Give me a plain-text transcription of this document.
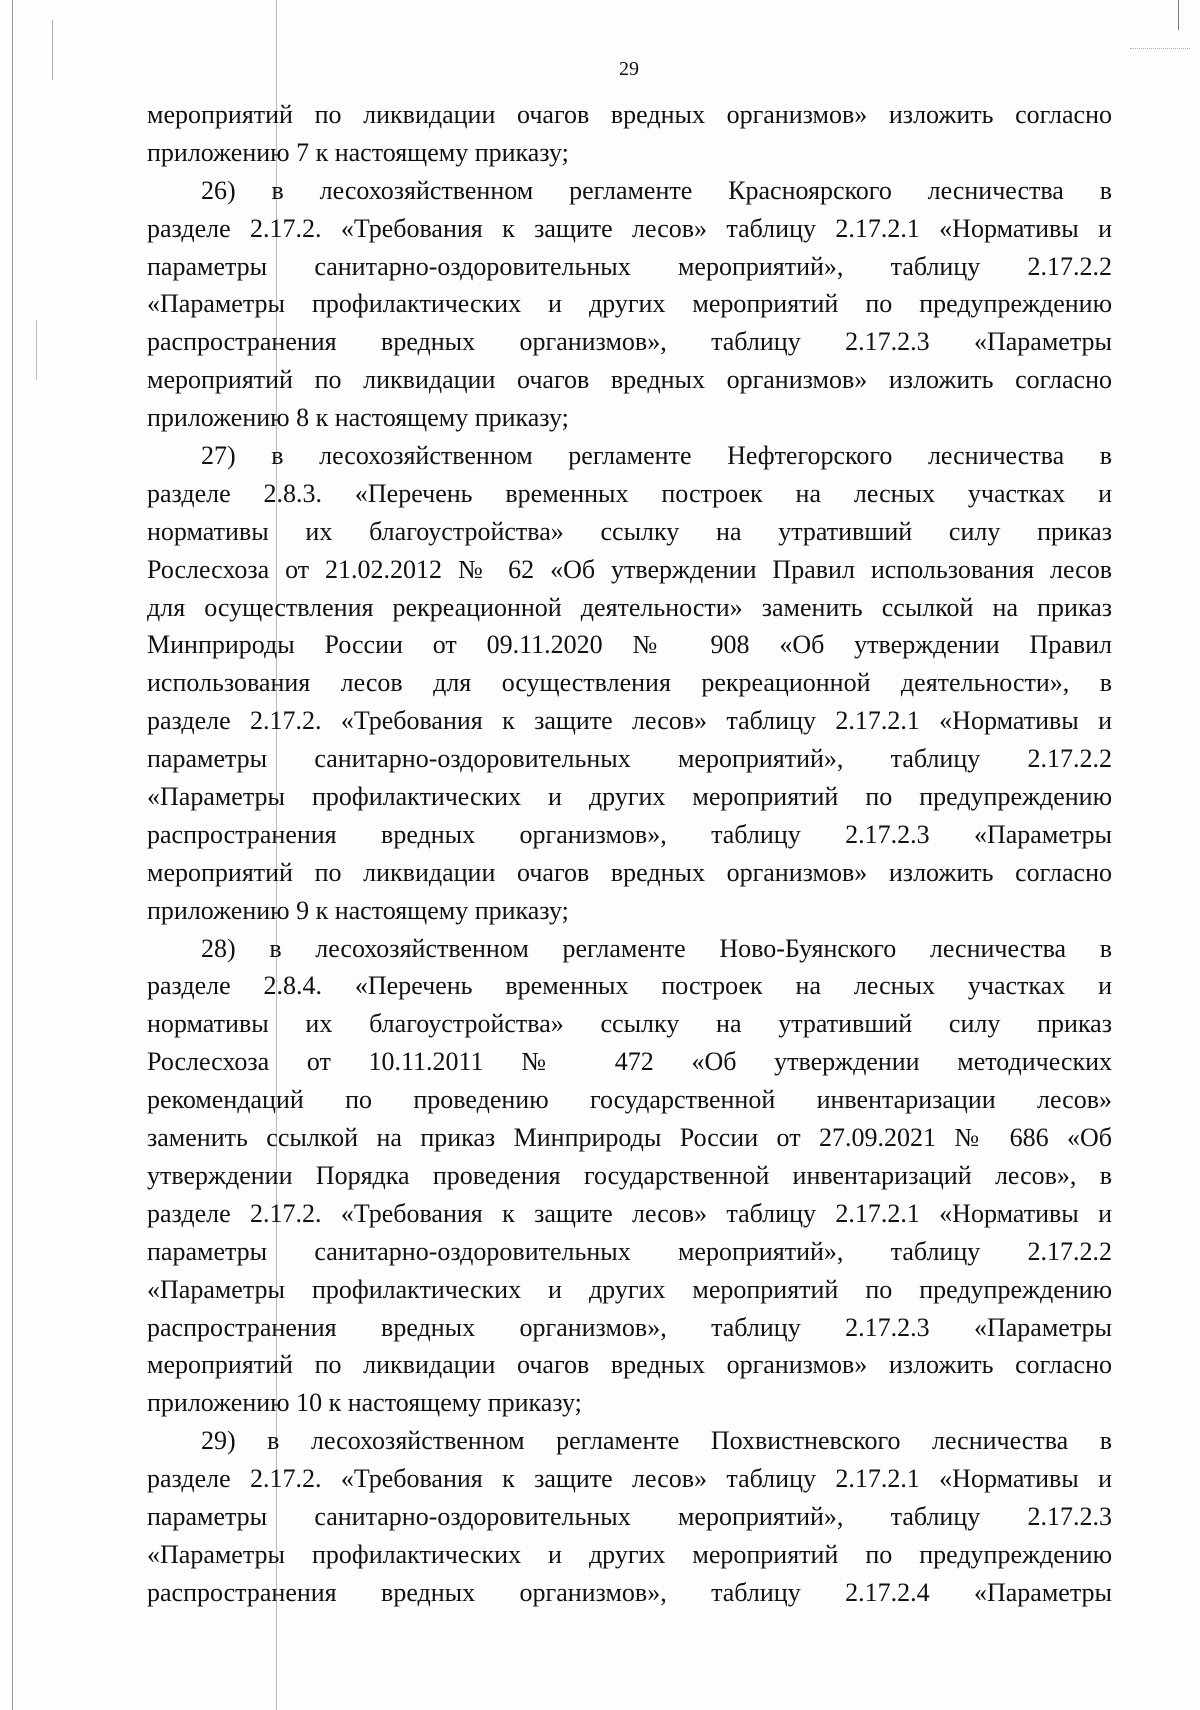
29
мероприятий по ликвидации очагов вредных организмов» изложить согласно
приложению 7 к настоящему приказу;
26) в лесохозяйственном регламенте Красноярского лесничества в
разделе 2.17.2. «Требования к защите лесов» таблицу 2.17.2.1 «Нормативы и
параметры санитарно-оздоровительных мероприятий», таблицу 2.17.2.2
«Параметры профилактических и других мероприятий по предупреждению
распространения вредных организмов», таблицу 2.17.2.3 «Параметры
мероприятий по ликвидации очагов вредных организмов» изложить согласно
приложению 8 к настоящему приказу;
27) в лесохозяйственном регламенте Нефтегорского лесничества в
разделе 2.8.3. «Перечень временных построек на лесных участках и
нормативы их благоустройства» ссылку на утративший силу приказ
Рослесхоза от 21.02.2012 № 62 «Об утверждении Правил использования лесов
для осуществления рекреационной деятельности» заменить ссылкой на приказ
Минприроды России от 09.11.2020 № 908 «Об утверждении Правил
использования лесов для осуществления рекреационной деятельности», в
разделе 2.17.2. «Требования к защите лесов» таблицу 2.17.2.1 «Нормативы и
параметры санитарно-оздоровительных мероприятий», таблицу 2.17.2.2
«Параметры профилактических и других мероприятий по предупреждению
распространения вредных организмов», таблицу 2.17.2.3 «Параметры
мероприятий по ликвидации очагов вредных организмов» изложить согласно
приложению 9 к настоящему приказу;
28) в лесохозяйственном регламенте Ново-Буянского лесничества в
разделе 2.8.4. «Перечень временных построек на лесных участках и
нормативы их благоустройства» ссылку на утративший силу приказ
Рослесхоза от 10.11.2011 № 472 «Об утверждении методических
рекомендаций по проведению государственной инвентаризации лесов»
заменить ссылкой на приказ Минприроды России от 27.09.2021 № 686 «Об
утверждении Порядка проведения государственной инвентаризаций лесов», в
разделе 2.17.2. «Требования к защите лесов» таблицу 2.17.2.1 «Нормативы и
параметры санитарно-оздоровительных мероприятий», таблицу 2.17.2.2
«Параметры профилактических и других мероприятий по предупреждению
распространения вредных организмов», таблицу 2.17.2.3 «Параметры
мероприятий по ликвидации очагов вредных организмов» изложить согласно
приложению 10 к настоящему приказу;
29) в лесохозяйственном регламенте Похвистневского лесничества в
разделе 2.17.2. «Требования к защите лесов» таблицу 2.17.2.1 «Нормативы и
параметры санитарно-оздоровительных мероприятий», таблицу 2.17.2.3
«Параметры профилактических и других мероприятий по предупреждению
распространения вредных организмов», таблицу 2.17.2.4 «Параметры
